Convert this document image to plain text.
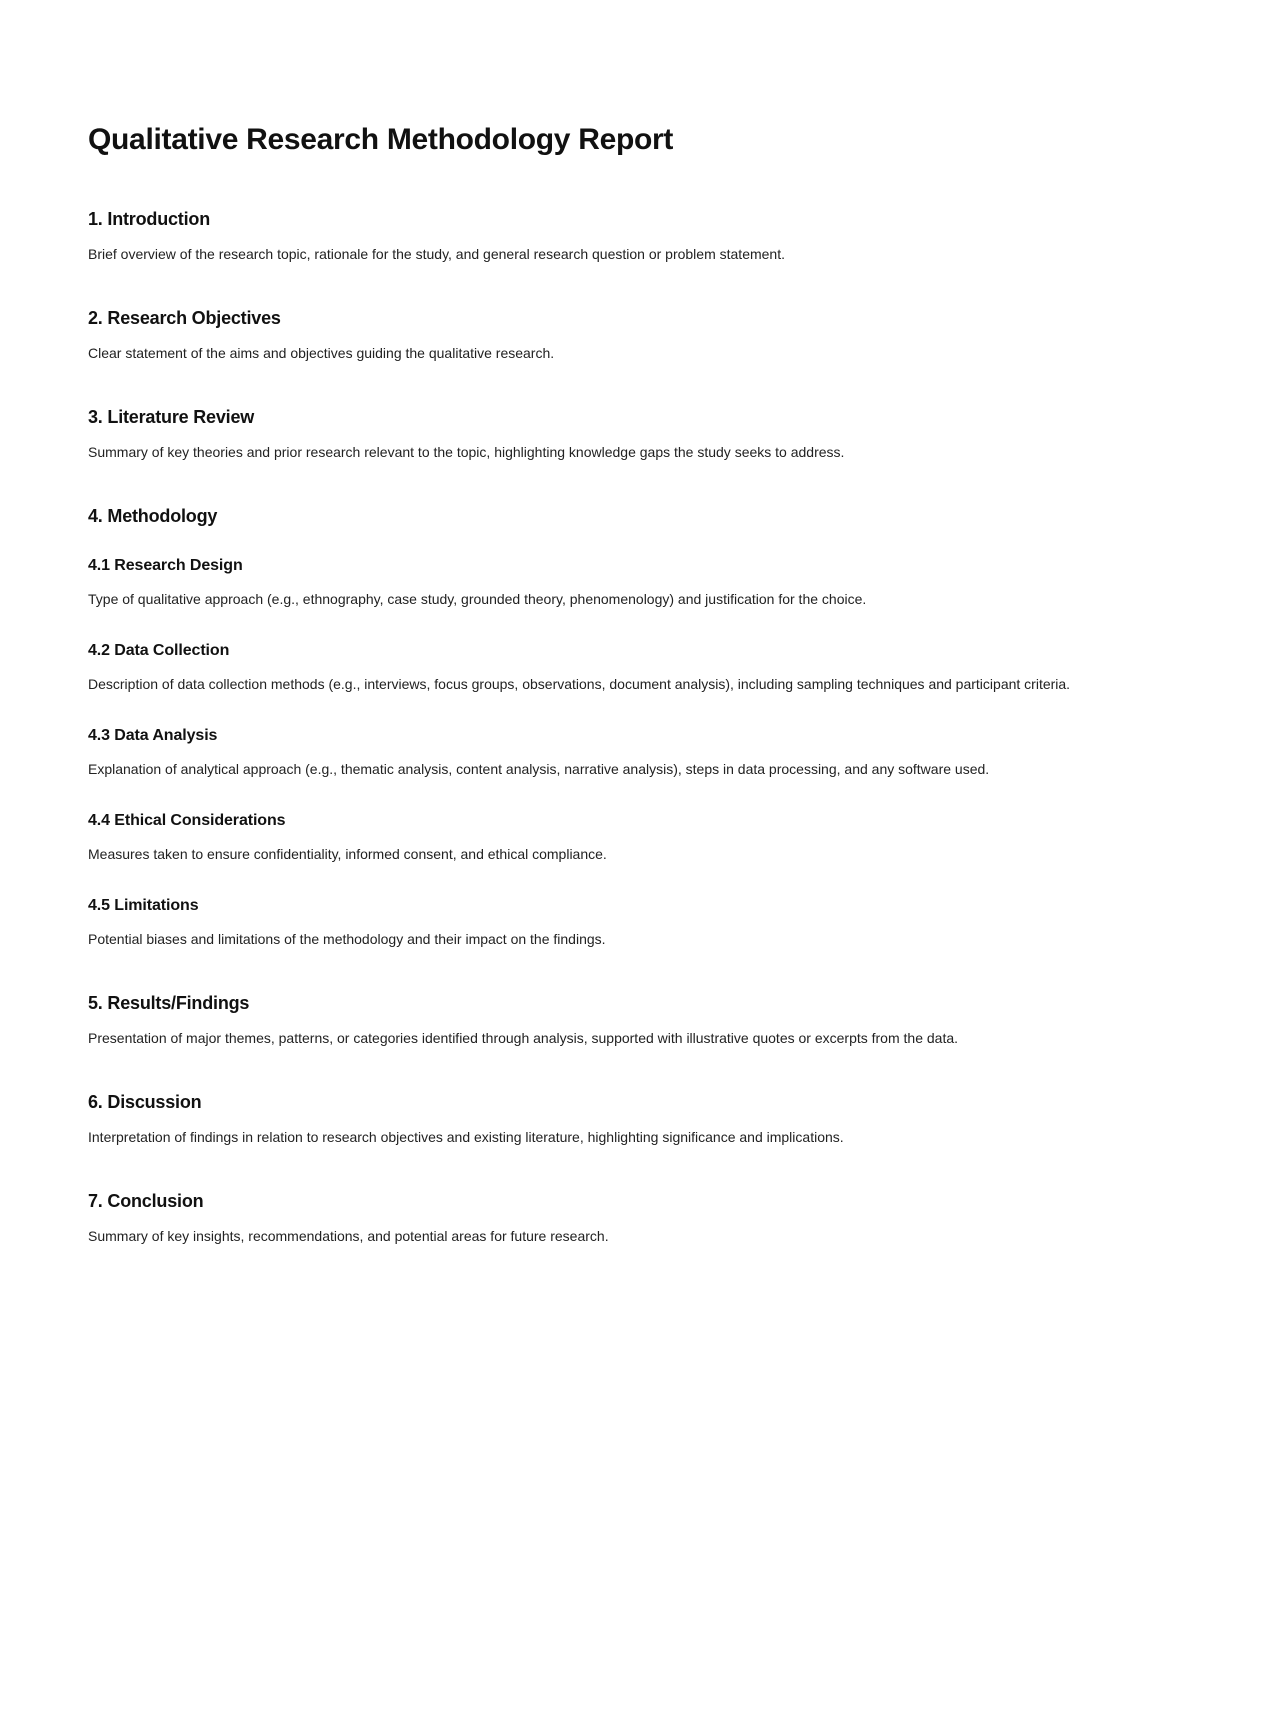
Qualitative Research Methodology Report
1. Introduction

Brief overview of the research topic, rationale for the study, and general research question or problem statement.

2. Research Objectives

Clear statement of the aims and objectives guiding the qualitative research.

3. Literature Review

Summary of key theories and prior research relevant to the topic, highlighting knowledge gaps the study seeks to address.

4. Methodology
4.1 Research Design

Type of qualitative approach (e.g., ethnography, case study, grounded theory, phenomenology) and justification for the choice.

4.2 Data Collection

Description of data collection methods (e.g., interviews, focus groups, observations, document analysis), including sampling techniques and participant criteria.

4.3 Data Analysis

Explanation of analytical approach (e.g., thematic analysis, content analysis, narrative analysis), steps in data processing, and any software used.

4.4 Ethical Considerations

Measures taken to ensure confidentiality, informed consent, and ethical compliance.

4.5 Limitations

Potential biases and limitations of the methodology and their impact on the findings.

5. Results/Findings

Presentation of major themes, patterns, or categories identified through analysis, supported with illustrative quotes or excerpts from the data.

6. Discussion

Interpretation of findings in relation to research objectives and existing literature, highlighting significance and implications.

7. Conclusion

Summary of key insights, recommendations, and potential areas for future research.
